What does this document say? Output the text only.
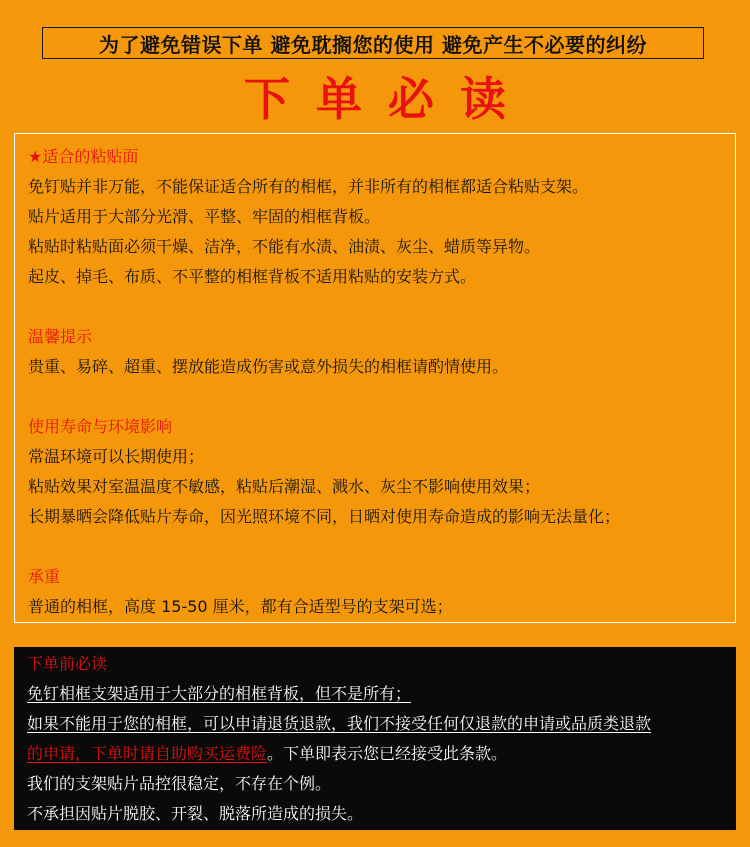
为了避免错误下单 避免耽搁您的使用 避免产生不必要的纠纷
下单必读
★适合的粘贴面
免钉贴并非万能，不能保证适合所有的相框，并非所有的相框都适合粘贴支架。
贴片适用于大部分光滑、平整、牢固的相框背板。
粘贴时粘贴面必须干燥、洁净，不能有水渍、油渍、灰尘、蜡质等异物。
起皮、掉毛、布质、不平整的相框背板不适用粘贴的安装方式。
温馨提示
贵重、易碎、超重、摆放能造成伤害或意外损失的相框请酌情使用。
使用寿命与环境影响
常温环境可以长期使用；
粘贴效果对室温温度不敏感，粘贴后潮湿、溅水、灰尘不影响使用效果；
长期暴晒会降低贴片寿命，因光照环境不同，日晒对使用寿命造成的影响无法量化；
承重
普通的相框，高度 15-50 厘米，都有合适型号的支架可选；
下单前必读
免钉相框支架适用于大部分的相框背板，但不是所有；
如果不能用于您的相框，可以申请退货退款，我们不接受任何仅退款的申请或品质类退款
的申请，下单时请自助购买运费险。下单即表示您已经接受此条款。
我们的支架贴片品控很稳定，不存在个例。
不承担因贴片脱胶、开裂、脱落所造成的损失。
